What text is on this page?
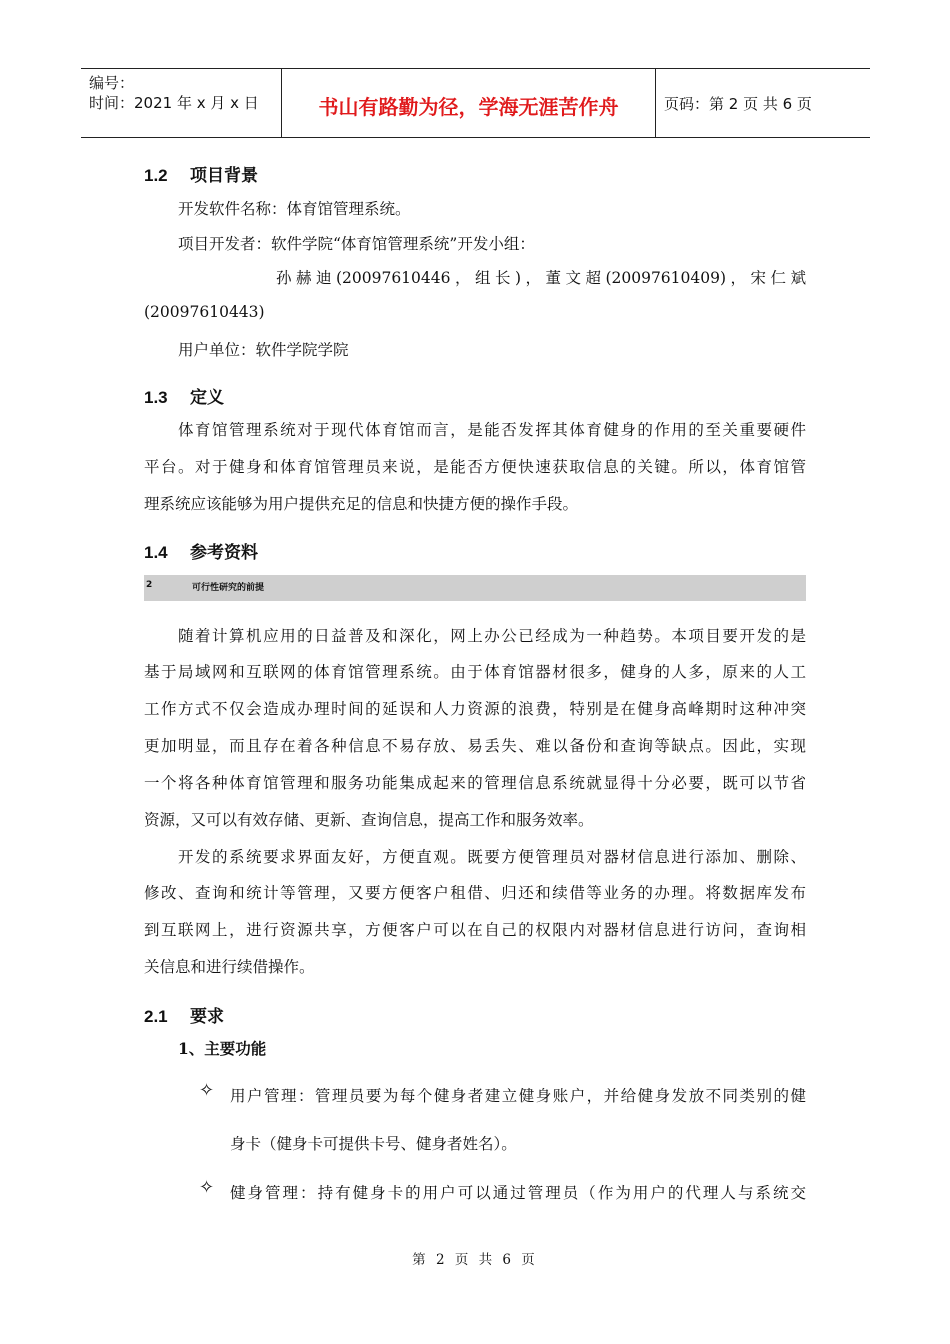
编号：
时间：2021 年 x 月 x 日	书山有路勤为径，学海无涯苦作舟	页码：第 2 页 共 6 页
1.2 项目背景
开发软件名称：体育馆管理系统。
项目开发者：软件学院“体育馆管理系统”开发小组：
孙赫迪(20097610446，组长)，董文超(20097610409)，宋仁斌
(20097610443)
用户单位：软件学院学院
1.3 定义
体育馆管理系统对于现代体育馆而言，是能否发挥其体育健身的作用的至关重要硬件
平台。对于健身和体育馆管理员来说，是能否方便快速获取信息的关键。所以，体育馆管
理系统应该能够为用户提供充足的信息和快捷方便的操作手段。
1.4 参考资料
2	可行性研究的前提
随着计算机应用的日益普及和深化，网上办公已经成为一种趋势。本项目要开发的是
基于局域网和互联网的体育馆管理系统。由于体育馆器材很多，健身的人多，原来的人工
工作方式不仅会造成办理时间的延误和人力资源的浪费，特别是在健身高峰期时这种冲突
更加明显，而且存在着各种信息不易存放、易丢失、难以备份和查询等缺点。因此，实现
一个将各种体育馆管理和服务功能集成起来的管理信息系统就显得十分必要，既可以节省
资源，又可以有效存储、更新、查询信息，提高工作和服务效率。
开发的系统要求界面友好，方便直观。既要方便管理员对器材信息进行添加、删除、
修改、查询和统计等管理，又要方便客户租借、归还和续借等业务的办理。将数据库发布
到互联网上，进行资源共享，方便客户可以在自己的权限内对器材信息进行访问，查询相
关信息和进行续借操作。
2.1 要求
1、主要功能
✧ 用户管理：管理员要为每个健身者建立健身账户，并给健身发放不同类别的健
身卡（健身卡可提供卡号、健身者姓名）。
✧ 健身管理：持有健身卡的用户可以通过管理员（作为用户的代理人与系统交
第 2 页 共 6 页
